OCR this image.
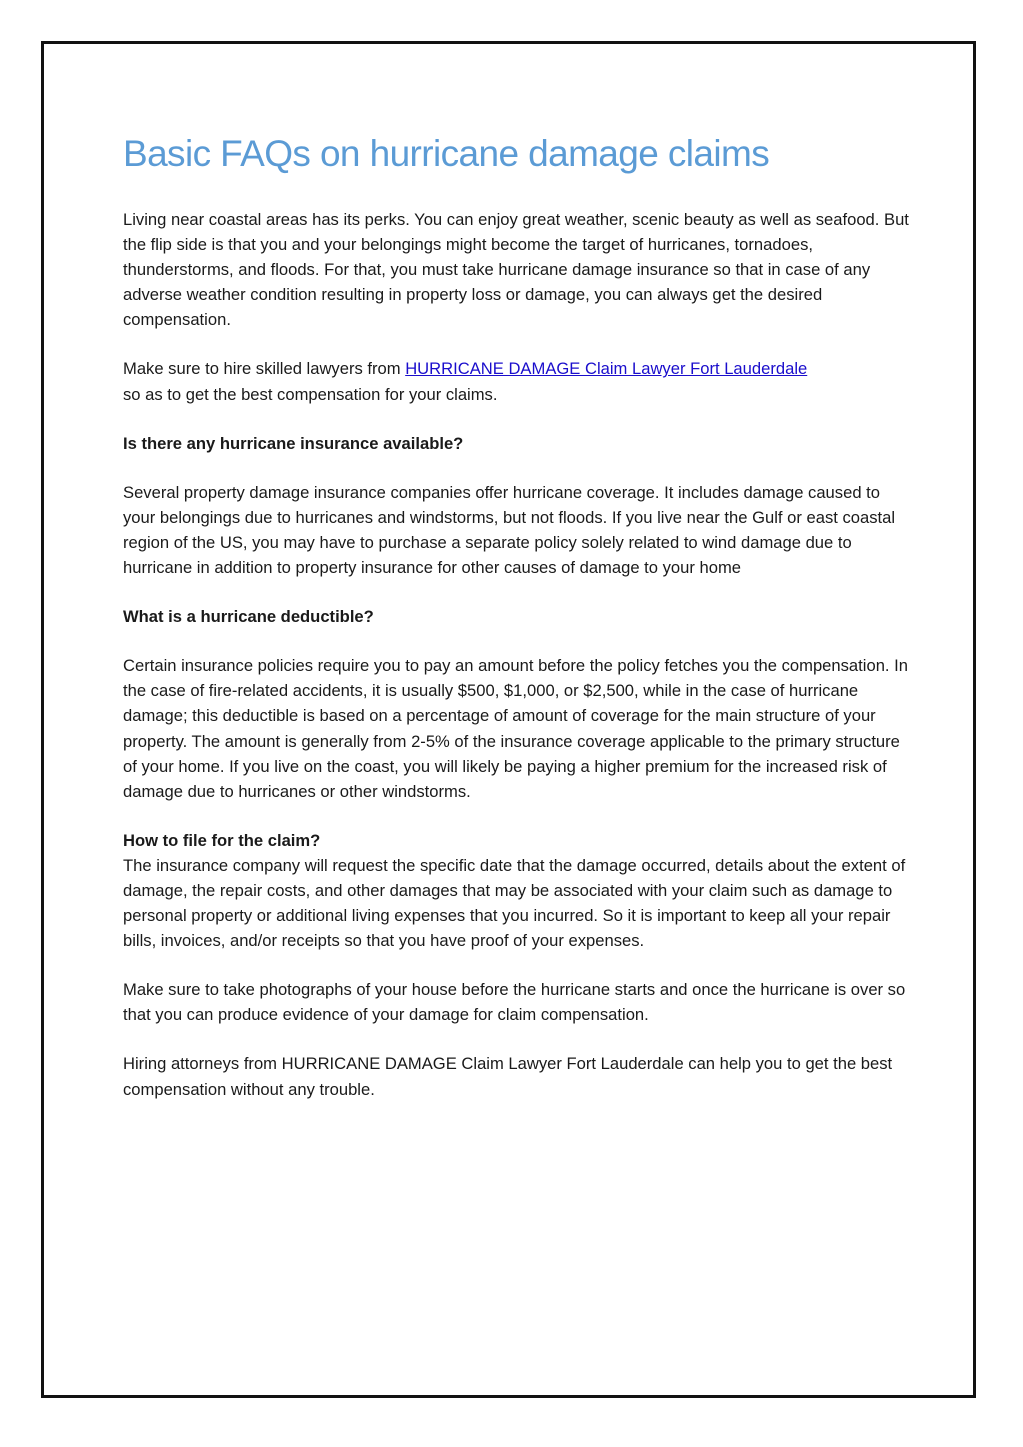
Basic FAQs on hurricane damage claims

Living near coastal areas has its perks. You can enjoy great weather, scenic beauty as well as seafood. But the flip side is that you and your belongings might become the target of hurricanes, tornadoes, thunderstorms, and floods. For that, you must take hurricane damage insurance so that in case of any adverse weather condition resulting in property loss or damage, you can always get the desired compensation.

Make sure to hire skilled lawyers from HURRICANE DAMAGE Claim Lawyer Fort Lauderdale
so as to get the best compensation for your claims.

Is there any hurricane insurance available?

Several property damage insurance companies offer hurricane coverage. It includes damage caused to your belongings due to hurricanes and windstorms, but not floods. If you live near the Gulf or east coastal region of the US, you may have to purchase a separate policy solely related to wind damage due to hurricane in addition to property insurance for other causes of damage to your home

What is a hurricane deductible?

Certain insurance policies require you to pay an amount before the policy fetches you the compensation. In the case of fire-related accidents, it is usually $500, $1,000, or $2,500, while in the case of hurricane damage; this deductible is based on a percentage of amount of coverage for the main structure of your property. The amount is generally from 2-5% of the insurance coverage applicable to the primary structure of your home. If you live on the coast, you will likely be paying a higher premium for the increased risk of damage due to hurricanes or other windstorms.

How to file for the claim?

The insurance company will request the specific date that the damage occurred, details about the extent of damage, the repair costs, and other damages that may be associated with your claim such as damage to personal property or additional living expenses that you incurred. So it is important to keep all your repair bills, invoices, and/or receipts so that you have proof of your expenses.

Make sure to take photographs of your house before the hurricane starts and once the hurricane is over so that you can produce evidence of your damage for claim compensation.

Hiring attorneys from HURRICANE DAMAGE Claim Lawyer Fort Lauderdale can help you to get the best compensation without any trouble.
